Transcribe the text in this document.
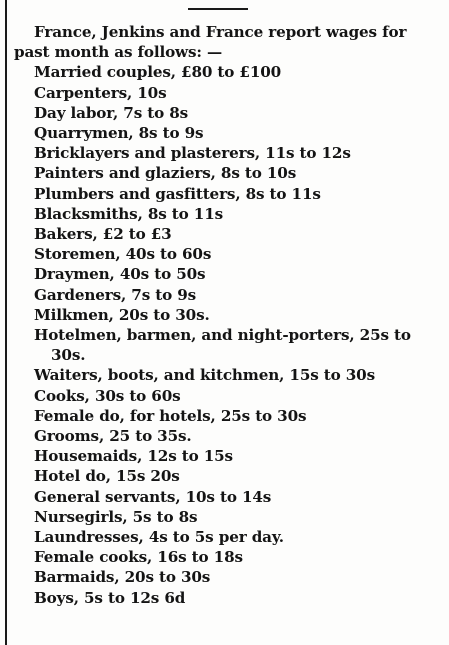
France, Jenkins and France report wages for past month as follows: —

Married couples, £80 to £100
Carpenters, 10s
Day labor, 7s to 8s
Quarrymen, 8s to 9s
Bricklayers and plasterers, 11s to 12s
Painters and glaziers, 8s to 10s
Plumbers and gasfitters, 8s to 11s
Blacksmiths, 8s to 11s
Bakers, £2 to £3
Storemen, 40s to 60s
Draymen, 40s to 50s
Gardeners, 7s to 9s
Milkmen, 20s to 30s.
Hotelmen, barmen, and night-porters, 25s to 30s.
Waiters, boots, and kitchmen, 15s to 30s
Cooks, 30s to 60s
Female do, for hotels, 25s to 30s
Grooms, 25 to 35s.
Housemaids, 12s to 15s
Hotel do, 15s 20s
General servants, 10s to 14s
Nursegirls, 5s to 8s
Laundresses, 4s to 5s per day.
Female cooks, 16s to 18s
Barmaids, 20s to 30s
Boys, 5s to 12s 6d
